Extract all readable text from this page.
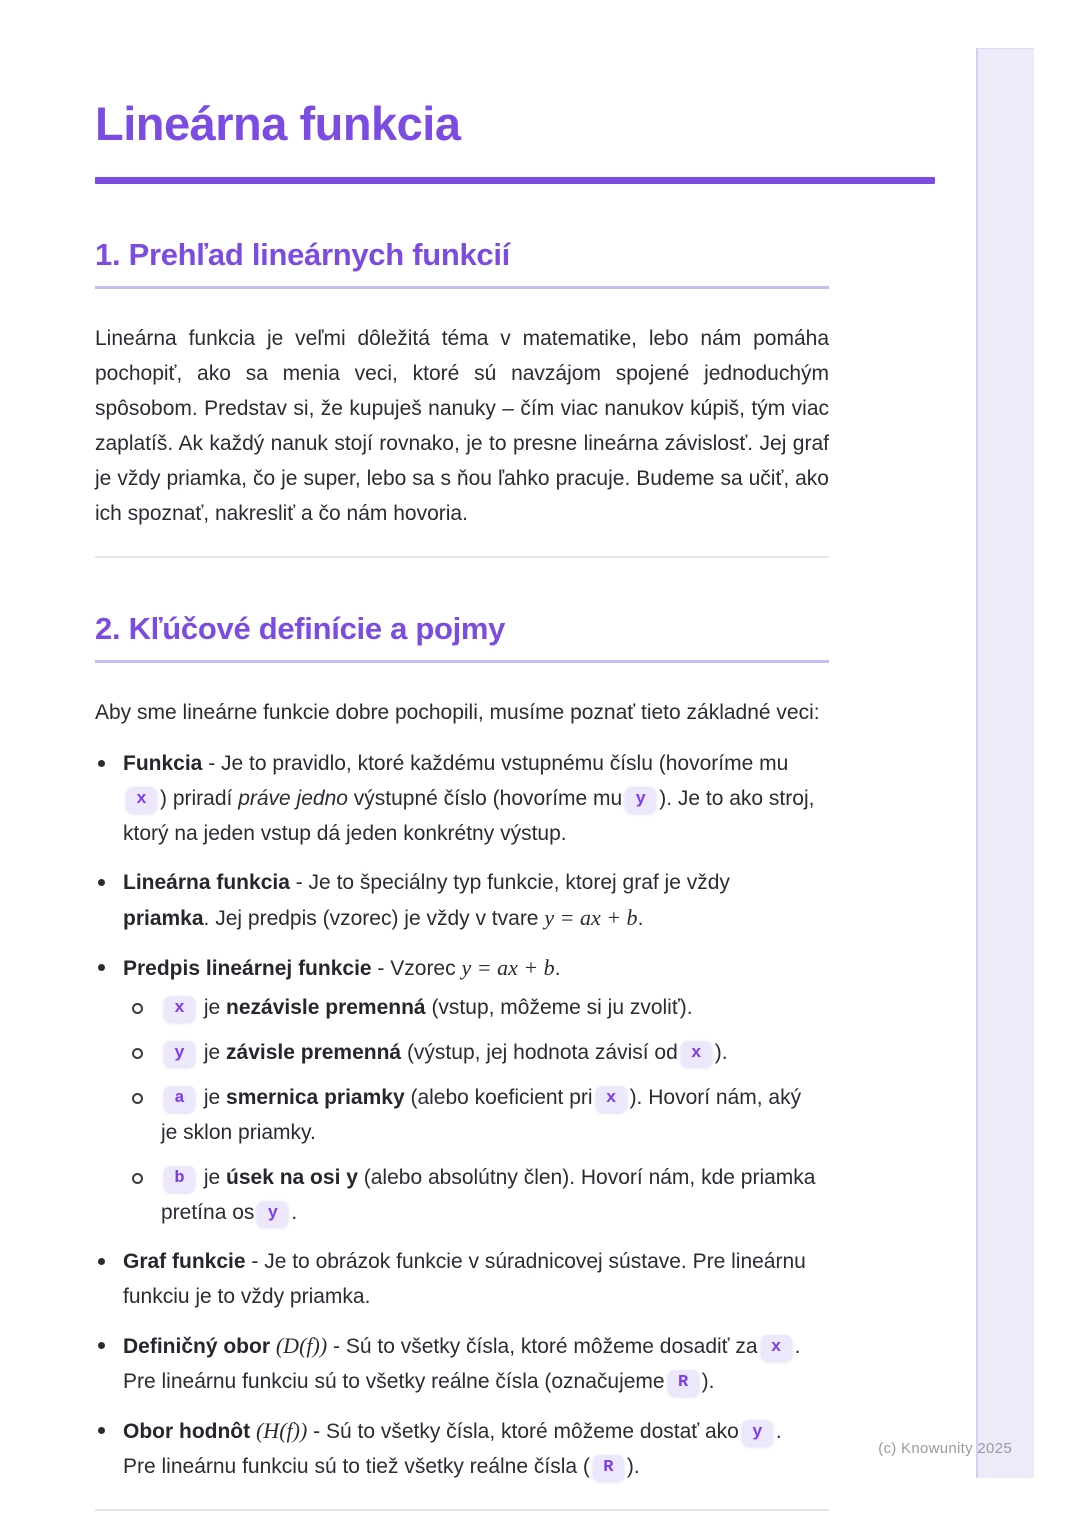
(c) Knowunity 2025
Lineárna funkcia
1. Prehľad lineárnych funkcií

Lineárna funkcia je veľmi dôležitá téma v matematike, lebo nám pomáha pochopiť, ako sa menia veci, ktoré sú navzájom spojené jednoduchým spôsobom. Predstav si, že kupuješ nanuky – čím viac nanukov kúpiš, tým viac zaplatíš. Ak každý nanuk stojí rovnako, je to presne lineárna závislosť. Jej graf je vždy priamka, čo je super, lebo sa s ňou ľahko pracuje. Budeme sa učiť, ako ich spoznať, nakresliť a čo nám hovoria.

2. Kľúčové definície a pojmy

Aby sme lineárne funkcie dobre pochopili, musíme poznať tieto základné veci:

Funkcia - Je to pravidlo, ktoré každému vstupnému číslu (hovoríme mux ) priradí práve jedno výstupné číslo (hovoríme mu y ). Je to ako stroj, ktorý na jeden vstup dá jeden konkrétny výstup.
Lineárna funkcia - Je to špeciálny typ funkcie, ktorej graf je vždy priamka. Jej predpis (vzorec) je vždy v tvare y = ax + b.
Predpis lineárnej funkcie - Vzorec y = ax + b.
x je nezávisle premenná (vstup, môžeme si ju zvoliť).
y je závisle premenná (výstup, jej hodnota závisí od x ).
a je smernica priamky (alebo koeficient pri x ). Hovorí nám, aký je sklon priamky.
b je úsek na osi y (alebo absolútny člen). Hovorí nám, kde priamka pretína os y .
Graf funkcie - Je to obrázok funkcie v súradnicovej sústave. Pre lineárnu funkciu je to vždy priamka.
Definičný obor (D(f)) - Sú to všetky čísla, ktoré môžeme dosadiť za x . Pre lineárnu funkciu sú to všetky reálne čísla (označujeme R ).
Obor hodnôt (H(f)) - Sú to všetky čísla, ktoré môžeme dostať ako y . Pre lineárnu funkciu sú to tiež všetky reálne čísla ( R ).
